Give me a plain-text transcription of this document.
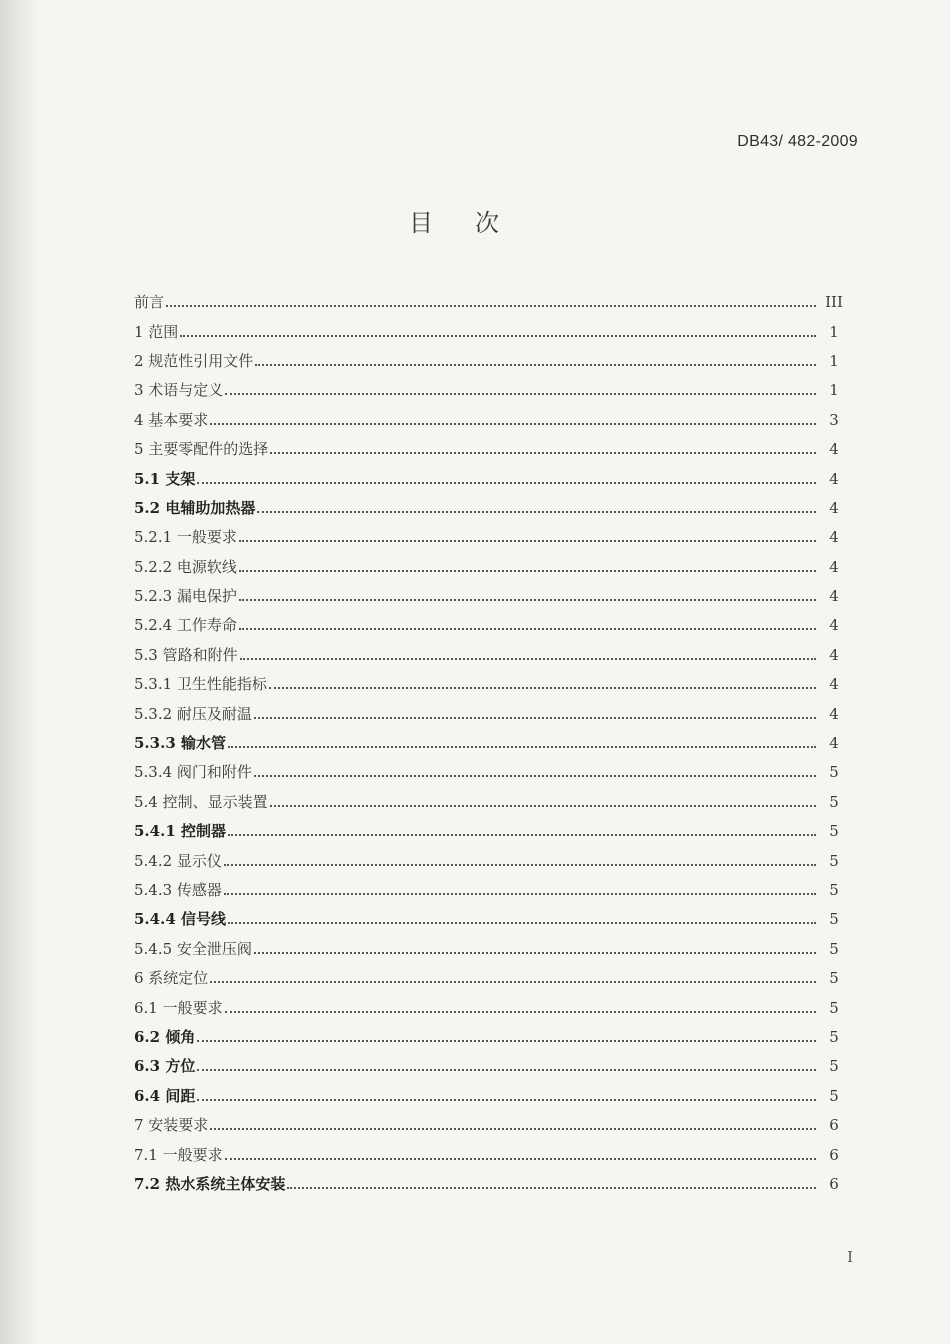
DB43/ 482-2009
目次
前言	III
1 范围	1
2 规范性引用文件	1
3 术语与定义	1
4 基本要求	3
5 主要零配件的选择	4
5.1 支架	4
5.2 电辅助加热器	4
5.2.1 一般要求	4
5.2.2 电源软线	4
5.2.3 漏电保护	4
5.2.4 工作寿命	4
5.3 管路和附件	4
5.3.1 卫生性能指标	4
5.3.2 耐压及耐温	4
5.3.3 输水管	4
5.3.4 阀门和附件	5
5.4 控制、显示装置	5
5.4.1 控制器	5
5.4.2 显示仪	5
5.4.3 传感器	5
5.4.4 信号线	5
5.4.5 安全泄压阀	5
6 系统定位	5
6.1 一般要求	5
6.2 倾角	5
6.3 方位	5
6.4 间距	5
7 安装要求	6
7.1 一般要求	6
7.2 热水系统主体安装	6
I
